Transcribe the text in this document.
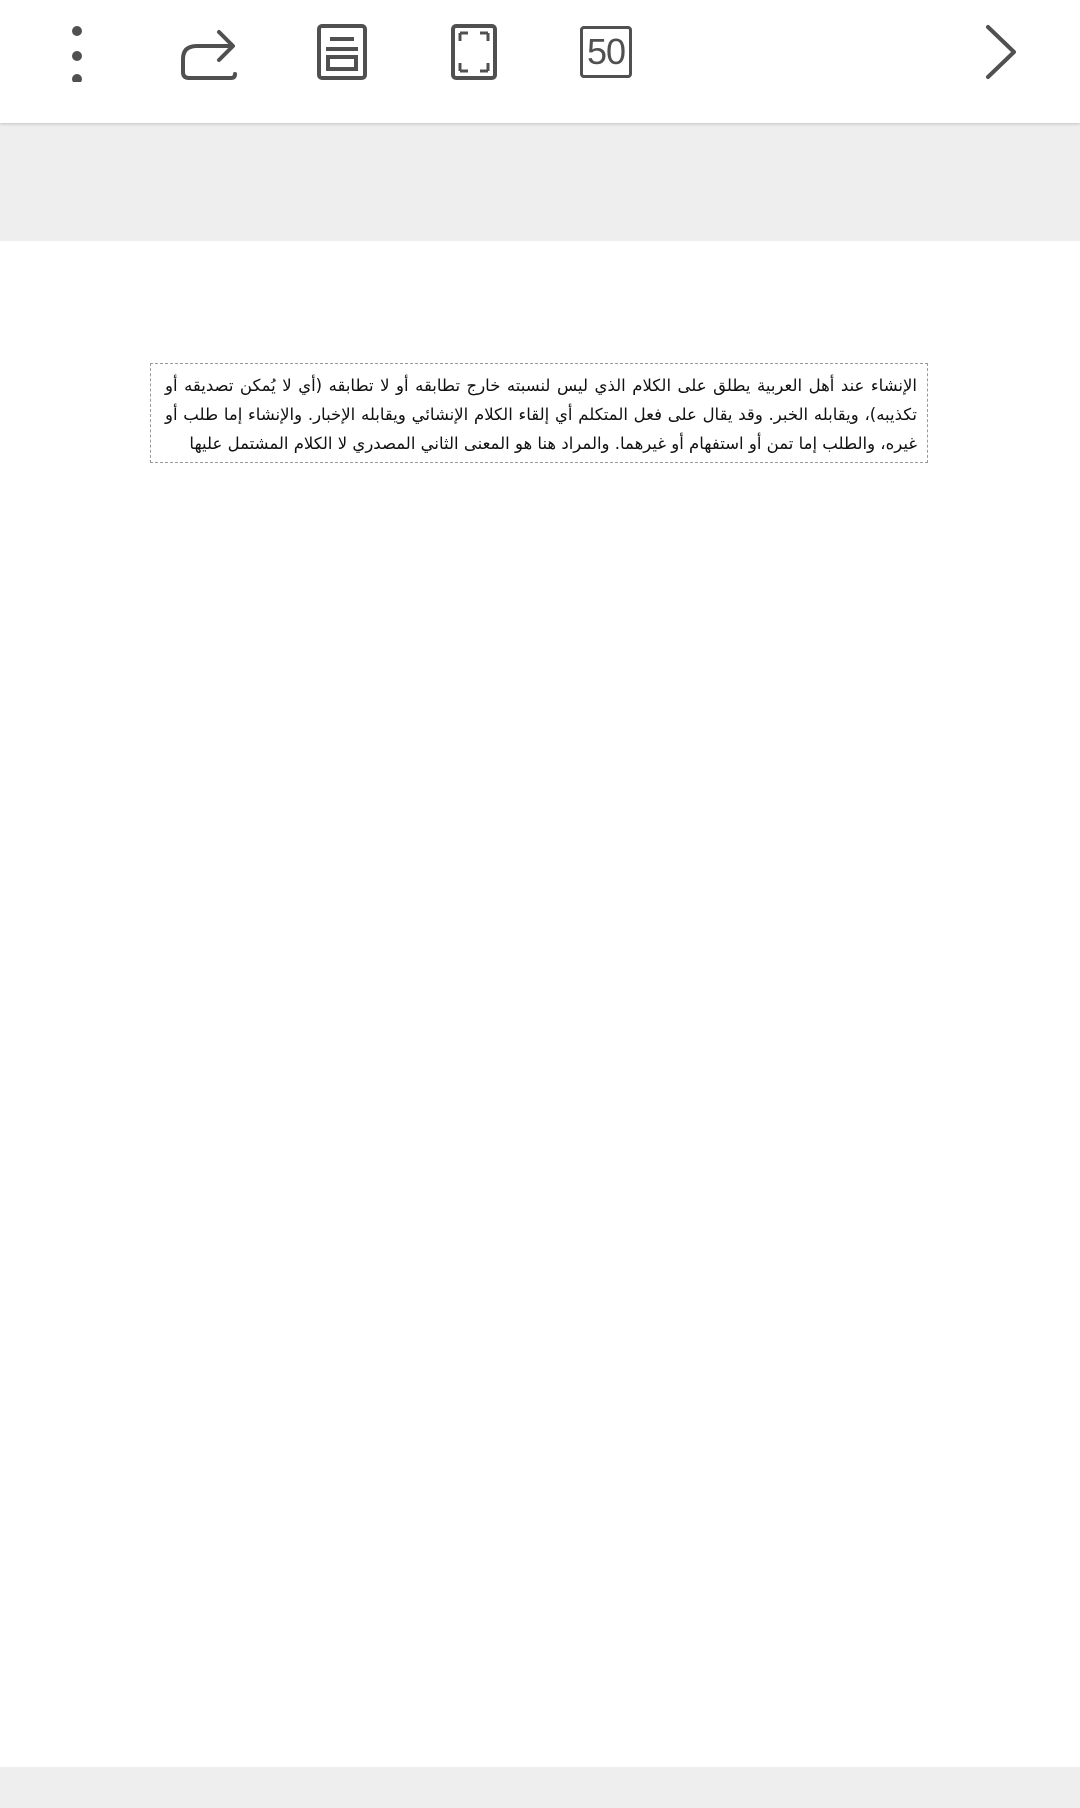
50

الإنشاء عند أهل العربية يطلق على الكلام الذي ليس لنسبته خارج تطابقه أو لا تطابقه (أي لا يُمكن تصديقه أو تكذيبه)، ويقابله الخبر. وقد يقال على فعل المتكلم أي إلقاء الكلام الإنشائي ويقابله الإخبار. والإنشاء إما طلب أو غيره، والطلب إما تمن أو استفهام أو غيرهما. والمراد هنا هو المعنى الثاني المصدري لا الكلام المشتمل عليها
